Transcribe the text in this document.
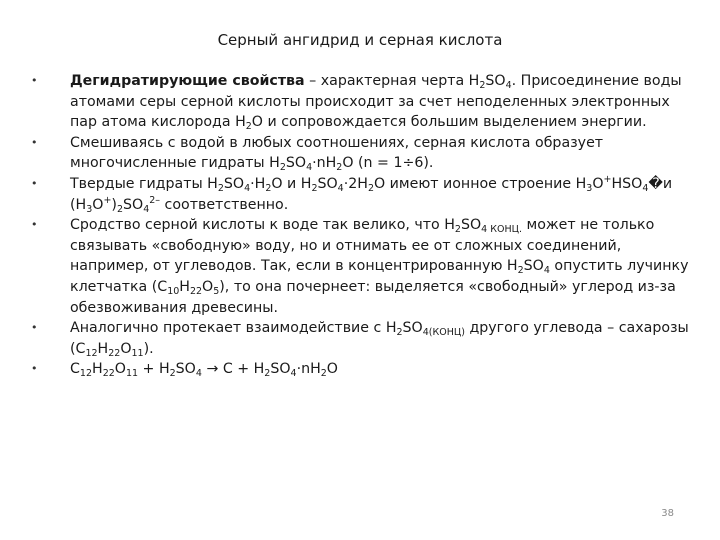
Серный ангидрид и серная кислота
• Дегидратирующие свойства – характерная черта $H_2SO_4$. Присоединение воды атомами серы серной кислоты происходит за счет неподеленных электронных пар атома кислорода $H_2O$ и сопровождается большим выделением энергии.
• Смешиваясь с водой в любых соотношениях, серная кислота образует многочисленные гидраты $H_2SO_4\cdot nH_2O$ (n = 1÷6).
• Твердые гидраты $H_2SO_4\cdot H_2O$ и $H_2SO_4\cdot 2H_2O$ имеют ионное строение $H_3O^+HSO_4�и$ $(H_3O^+)_2SO_4^{2-}$ соответственно.
• Сродство серной кислоты к воде так велико, что $H_2SO_{4 КОНЦ.}$ может не только связывать «свободную» воду, но и отнимать ее от сложных соединений, например, от углеводов. Так, если в концентрированную $H_2SO_4$ опустить лучинку клетчатка $(C_{10}H_{22}O_5)$, то она почернеет: выделяется «свободный» углерод из-за обезвоживания древесины.
• Аналогично протекает взаимодействие с $H_2SO_{4(КОНЦ)}$ другого углевода – сахарозы $(C_{12}H_{22}O_{11})$.
• $C_{12}H_{22}O_{11} + H_2SO_4 \to C + H_2SO_4\cdot nH_2O$
38
